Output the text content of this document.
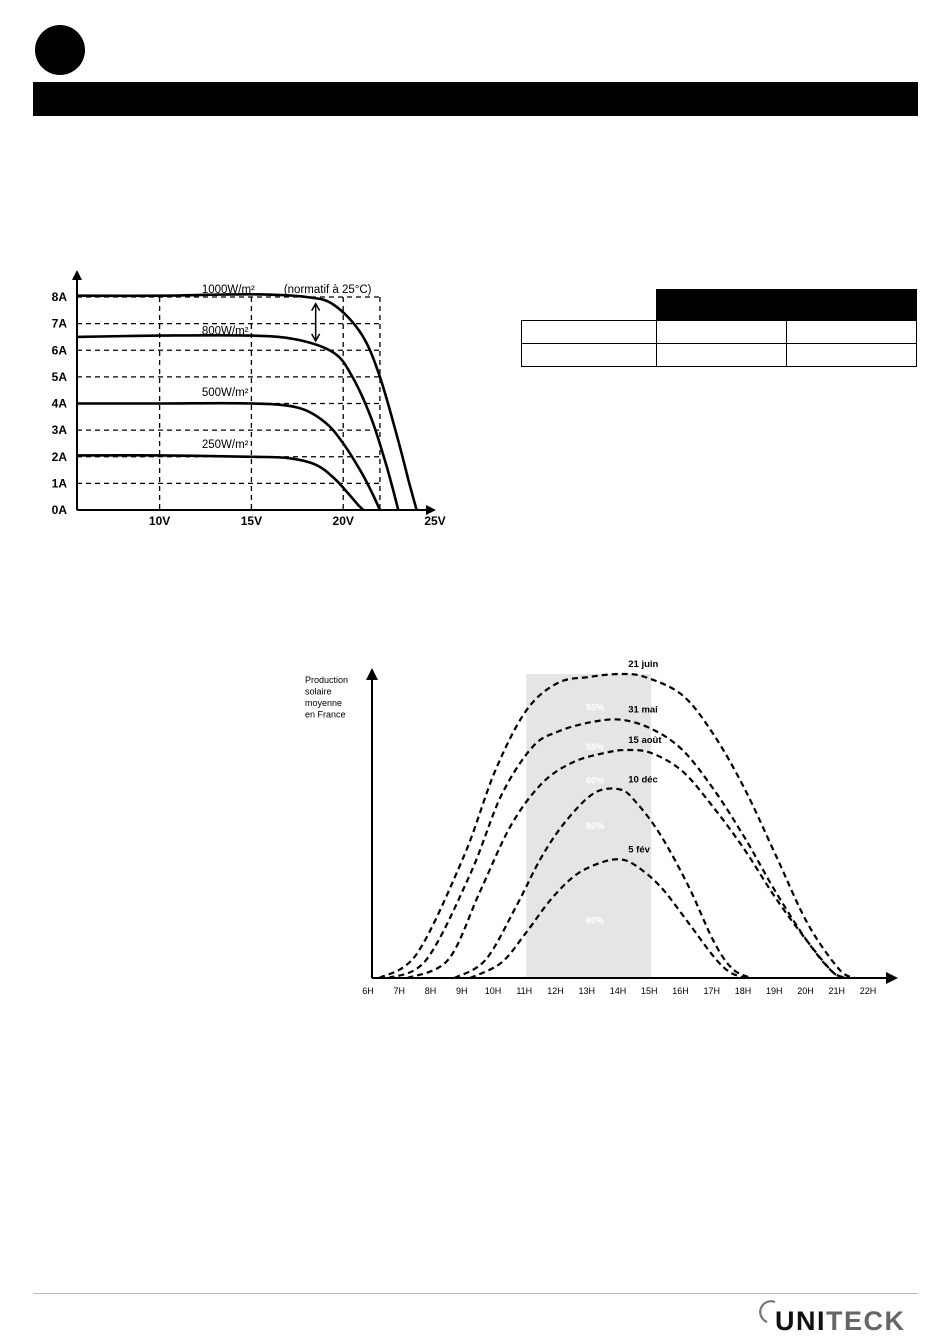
8A
7A
6A
5A
4A
3A
2A
1A
0A
10V	15V	20V	25V
1000W/m²	(normatif à 25°C)
800W/m²
500W/m²
250W/m²

Production
solaire
moyenne
en France
6H 7H 8H 9H 10H 11H 12H 13H 14H 15H 16H 17H 18H 19H 20H 21H 22H
21 juin
31 mai
15 août
10 déc
5 fév
55%
55%
60%
80%
80%
UNITECK
